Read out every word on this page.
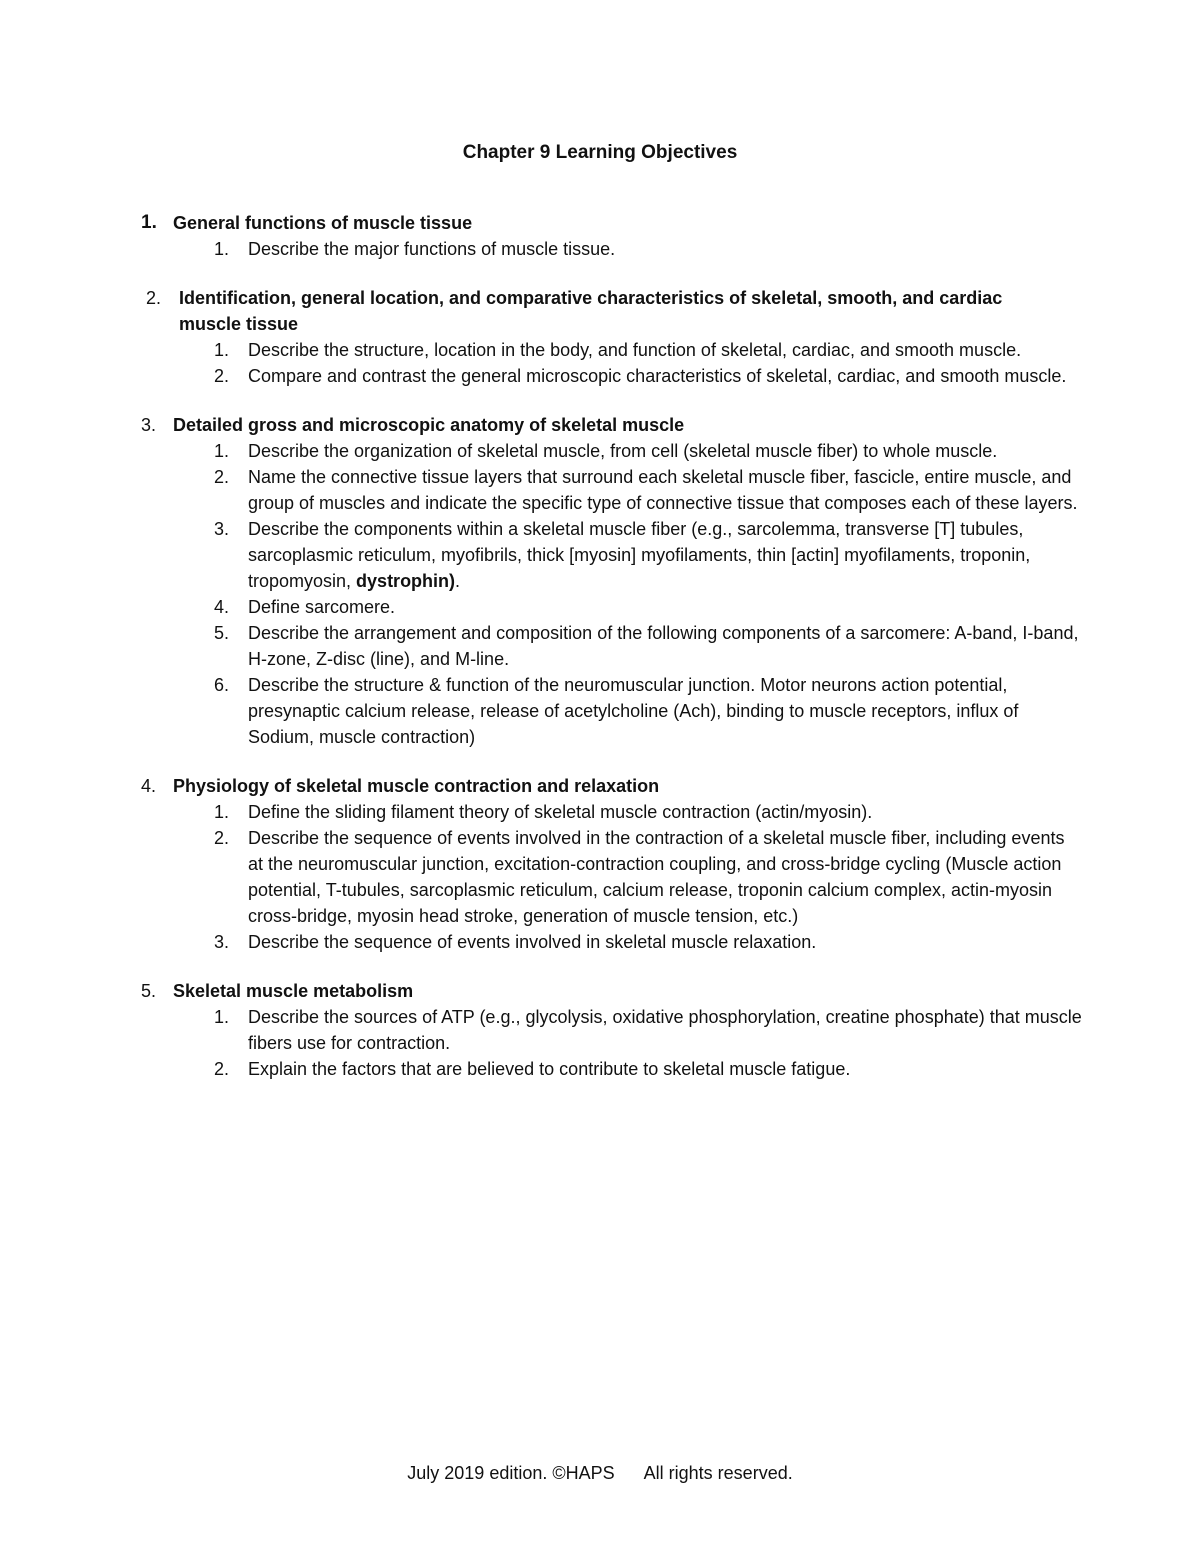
Chapter 9 Learning Objectives
1. General functions of muscle tissue
1. Describe the major functions of muscle tissue.
2. Identification, general location, and comparative characteristics of skeletal, smooth, and cardiac muscle tissue
1. Describe the structure, location in the body, and function of skeletal, cardiac, and smooth muscle.
2. Compare and contrast the general microscopic characteristics of skeletal, cardiac, and smooth muscle.
3. Detailed gross and microscopic anatomy of skeletal muscle
1. Describe the organization of skeletal muscle, from cell (skeletal muscle fiber) to whole muscle.
2. Name the connective tissue layers that surround each skeletal muscle fiber, fascicle, entire muscle, and group of muscles and indicate the specific type of connective tissue that composes each of these layers.
3. Describe the components within a skeletal muscle fiber (e.g., sarcolemma, transverse [T] tubules, sarcoplasmic reticulum, myofibrils, thick [myosin] myofilaments, thin [actin] myofilaments, troponin, tropomyosin, dystrophin).
4. Define sarcomere.
5. Describe the arrangement and composition of the following components of a sarcomere: A-band, I-band, H-zone, Z-disc (line), and M-line.
6. Describe the structure & function of the neuromuscular junction. Motor neurons action potential, presynaptic calcium release, release of acetylcholine (Ach), binding to muscle receptors, influx of Sodium, muscle contraction)
4. Physiology of skeletal muscle contraction and relaxation
1. Define the sliding filament theory of skeletal muscle contraction (actin/myosin).
2. Describe the sequence of events involved in the contraction of a skeletal muscle fiber, including events at the neuromuscular junction, excitation-contraction coupling, and cross-bridge cycling (Muscle action potential, T-tubules, sarcoplasmic reticulum, calcium release, troponin calcium complex, actin-myosin cross-bridge, myosin head stroke, generation of muscle tension, etc.)
3. Describe the sequence of events involved in skeletal muscle relaxation.
5. Skeletal muscle metabolism
1. Describe the sources of ATP (e.g., glycolysis, oxidative phosphorylation, creatine phosphate) that muscle fibers use for contraction.
2. Explain the factors that are believed to contribute to skeletal muscle fatigue.
July 2019 edition. ©HAPS      All rights reserved.
